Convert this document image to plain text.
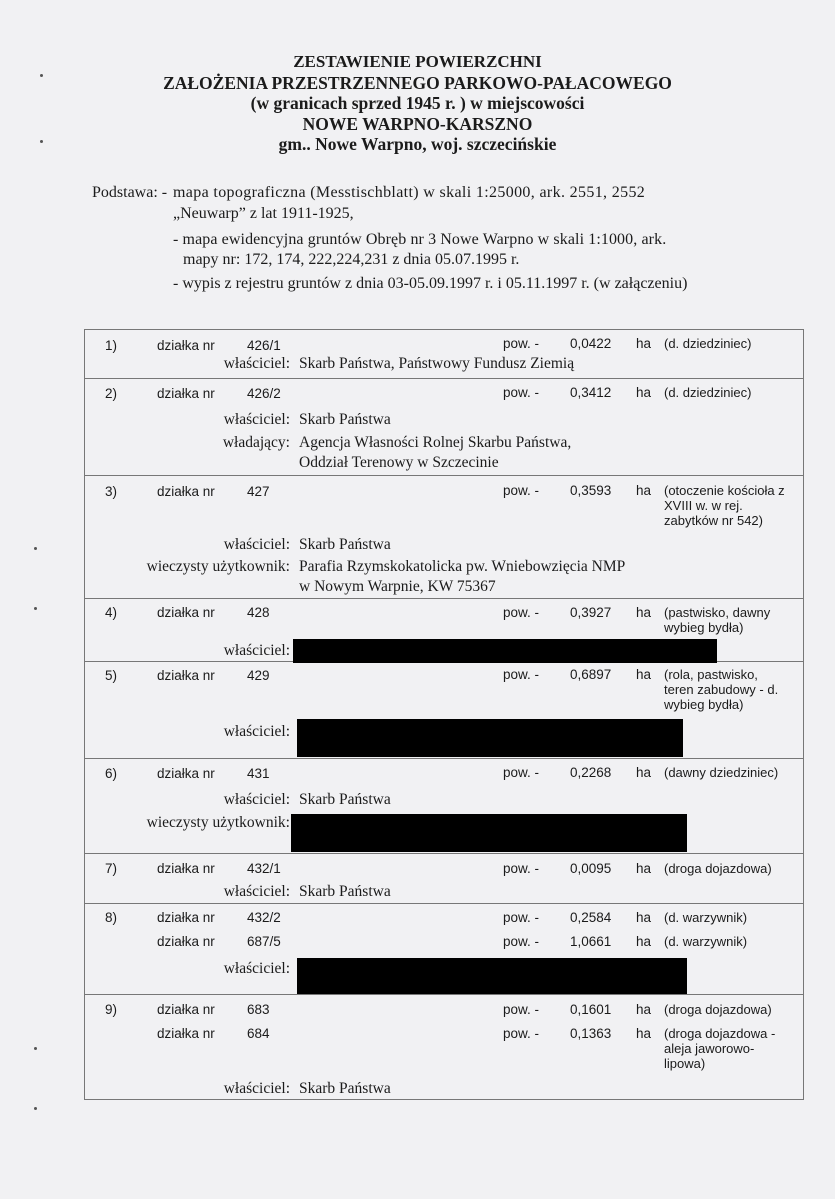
ZESTAWIENIE POWIERZCHNI
ZAŁOŻENIA PRZESTRZENNEGO PARKOWO-PAŁACOWEGO
(w granicach sprzed 1945 r. ) w miejscowości
NOWE WARPNO-KARSZNO
gm.. Nowe Warpno, woj. szczecińskie
Podstawa: - mapa topograficzna (Messtischblatt) w skali 1:25000, ark. 2551, 2552
„Neuwarp” z lat 1911-1925,
- mapa ewidencyjna gruntów Obręb nr 3 Nowe Warpno w skali 1:1000, ark.
mapy nr: 172, 174, 222,224,231 z dnia 05.07.1995 r.
- wypis z rejestru gruntów z dnia 03-05.09.1997 r. i 05.11.1997 r. (w załączeniu)
1)	działka nr 426/1	pow. - 0,0422 ha (d. dziedziniec)
właściciel: Skarb Państwa, Państwowy Fundusz Ziemią
2)	działka nr 426/2	pow. - 0,3412 ha (d. dziedziniec)
właściciel: Skarb Państwa
władający: Agencja Własności Rolnej Skarbu Państwa,
Oddział Terenowy w Szczecinie
3)	działka nr 427	pow. - 0,3593 ha (otoczenie kościoła z XVIII w. w rej. zabytków nr 542)
właściciel: Skarb Państwa
wieczysty użytkownik: Parafia Rzymskokatolicka pw. Wniebowzięcia NMP
w Nowym Warpnie, KW 75367
4)	działka nr 428	pow. - 0,3927 ha (pastwisko, dawny wybieg bydła)
właściciel:
5)	działka nr 429	pow. - 0,6897 ha (rola, pastwisko, teren zabudowy - d. wybieg bydła)
właściciel:
6)	działka nr 431	pow. - 0,2268 ha (dawny dziedziniec)
właściciel: Skarb Państwa
wieczysty użytkownik:
7)	działka nr 432/1	pow. - 0,0095 ha (droga dojazdowa)
właściciel: Skarb Państwa
8)	działka nr 432/2	pow. - 0,2584 ha (d. warzywnik)
działka nr 687/5	pow. - 1,0661 ha (d. warzywnik)
właściciel:
9)	działka nr 683	pow. - 0,1601 ha (droga dojazdowa)
działka nr 684	pow. - 0,1363 ha (droga dojazdowa - aleja jaworowo-lipowa)
właściciel: Skarb Państwa
